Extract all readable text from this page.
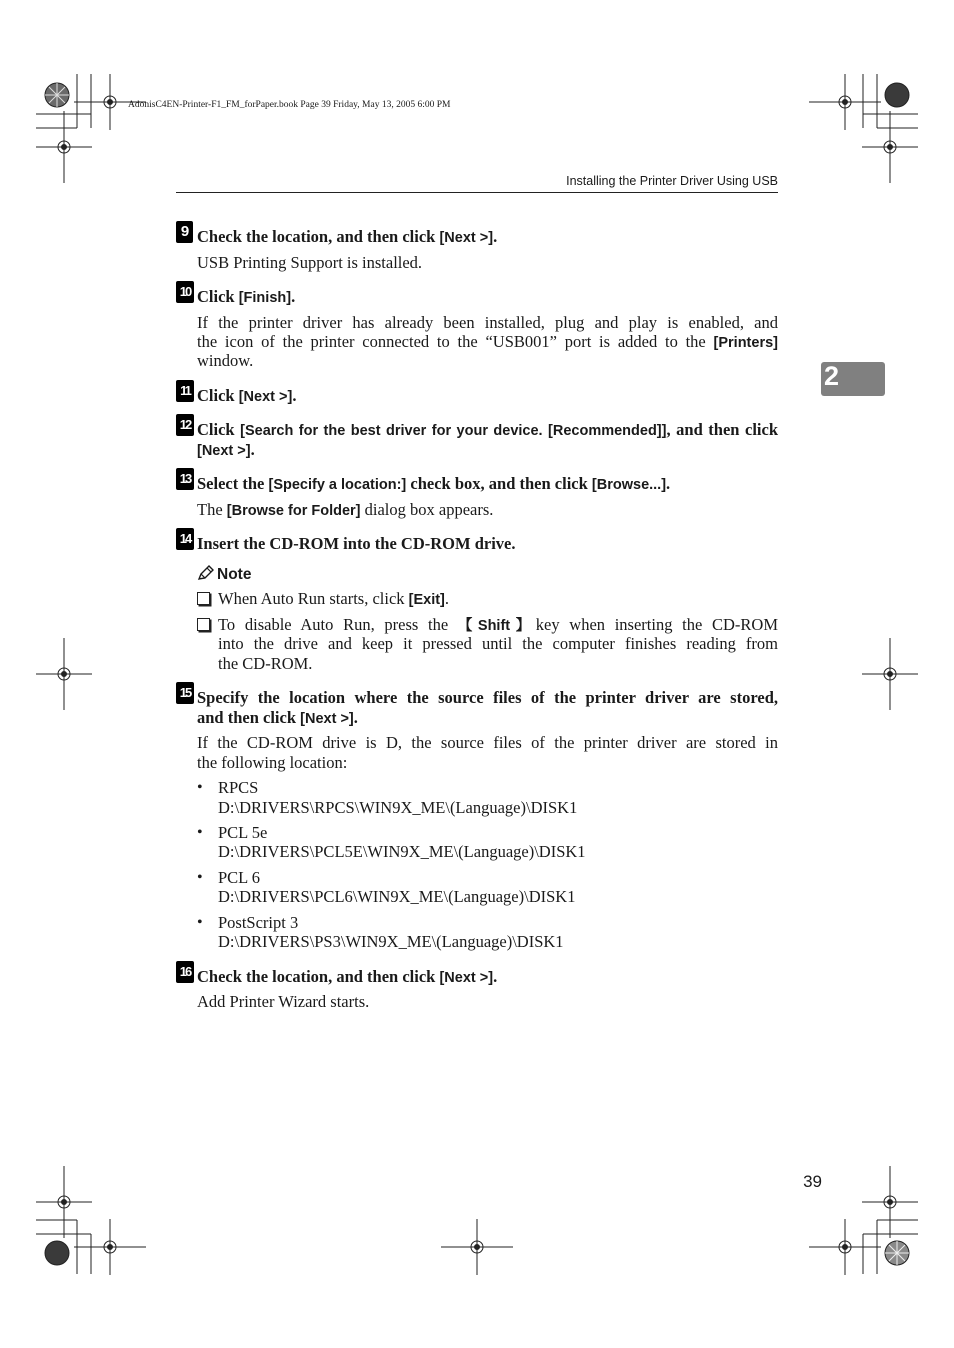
AdonisC4EN-Printer-F1_FM_forPaper.book Page 39 Friday, May 13, 2005 6:00 PM
Installing the Printer Driver Using USB
2
9 Check the location, and then click [Next >].
USB Printing Support is installed.
10 Click [Finish].
If the printer driver has already been installed, plug and play is enabled, and
the icon of the printer connected to the “USB001” port is added to the [Printers]
window.
11 Click [Next >].
12 Click [Search for the best driver for your device. [Recommended]], and then click
[Next >].
13 Select the [Specify a location:] check box, and then click [Browse...].
The [Browse for Folder] dialog box appears.
14 Insert the CD-ROM into the CD-ROM drive.
Note
When Auto Run starts, click [Exit].
To disable Auto Run, press the 【Shift】key when inserting the CD-ROM
into the drive and keep it pressed until the computer finishes reading from
the CD-ROM.
15 Specify the location where the source files of the printer driver are stored,
and then click [Next >].
If the CD-ROM drive is D, the source files of the printer driver are stored in
the following location:
• RPCS
D:\DRIVERS\RPCS\WIN9X_ME\(Language)\DISK1
• PCL 5e
D:\DRIVERS\PCL5E\WIN9X_ME\(Language)\DISK1
• PCL 6
D:\DRIVERS\PCL6\WIN9X_ME\(Language)\DISK1
• PostScript 3
D:\DRIVERS\PS3\WIN9X_ME\(Language)\DISK1
16 Check the location, and then click [Next >].
Add Printer Wizard starts.
39
